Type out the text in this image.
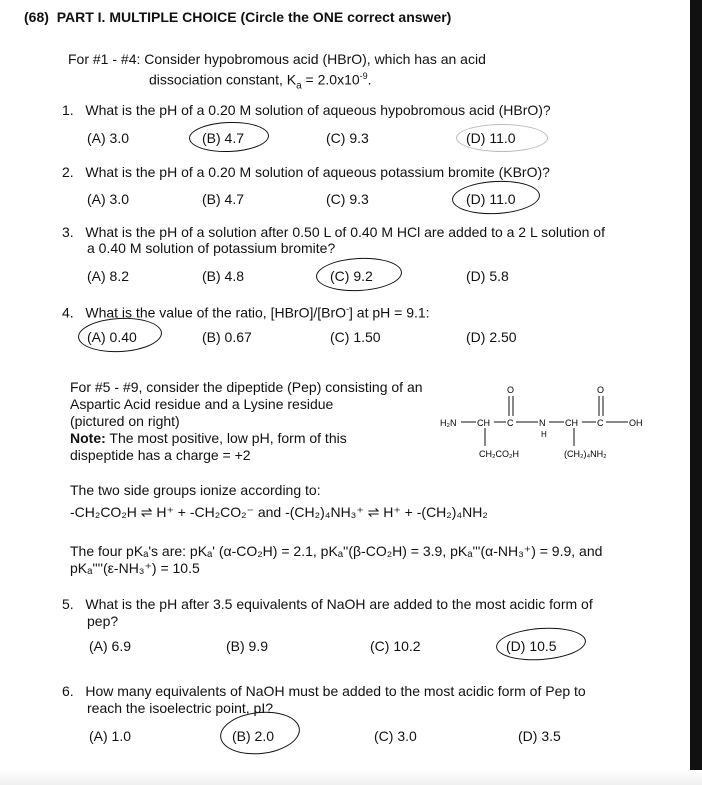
(68) PART I. MULTIPLE CHOICE (Circle the ONE correct answer)
For #1 - #4: Consider hypobromous acid (HBrO), which has an acid
dissociation constant, $K_a = 2.0x10^{-9}$.
1. What is the pH of a 0.20 M solution of aqueous hypobromous acid (HBrO)?
(A) 3.0	(B) 4.7	(C) 9.3	(D) 11.0
2. What is the pH of a 0.20 M solution of aqueous potassium bromite (KBrO)?
(A) 3.0	(B) 4.7	(C) 9.3	(D) 11.0
3. What is the pH of a solution after 0.50 L of 0.40 M HCl are added to a 2 L solution of
a 0.40 M solution of potassium bromite?
(A) 8.2	(B) 4.8	(C) 9.2	(D) 5.8
4. What is the value of the ratio, [HBrO]/[BrO-] at pH = 9.1:
(A) 0.40	(B) 0.67	(C) 1.50	(D) 2.50
For #5 - #9, consider the dipeptide (Pep) consisting of an
Aspartic Acid residue and a Lysine residue
(pictured on right)
Note: The most positive, low pH, form of this
dispeptide has a charge = +2
H₂N CH C
O
N
H
CH C
O
OH
CH₂CO₂H	(CH₂)₄NH₂
The two side groups ionize according to:
-CH₂CO₂H ⇌ H⁺ + -CH₂CO₂⁻ and -(CH₂)₄NH₃⁺ ⇌ H⁺ + -(CH₂)₄NH₂
The four pKₐ's are: pKₐ' (α-CO₂H) = 2.1, pKₐ''(β-CO₂H) = 3.9, pKₐ'''(α-NH₃⁺) = 9.9, and
pKₐ''''(ε-NH₃⁺) = 10.5
5. What is the pH after 3.5 equivalents of NaOH are added to the most acidic form of
pep?
(A) 6.9	(B) 9.9	(C) 10.2	(D) 10.5
6. How many equivalents of NaOH must be added to the most acidic form of Pep to
reach the isoelectric point, pI?
(A) 1.0	(B) 2.0	(C) 3.0	(D) 3.5
